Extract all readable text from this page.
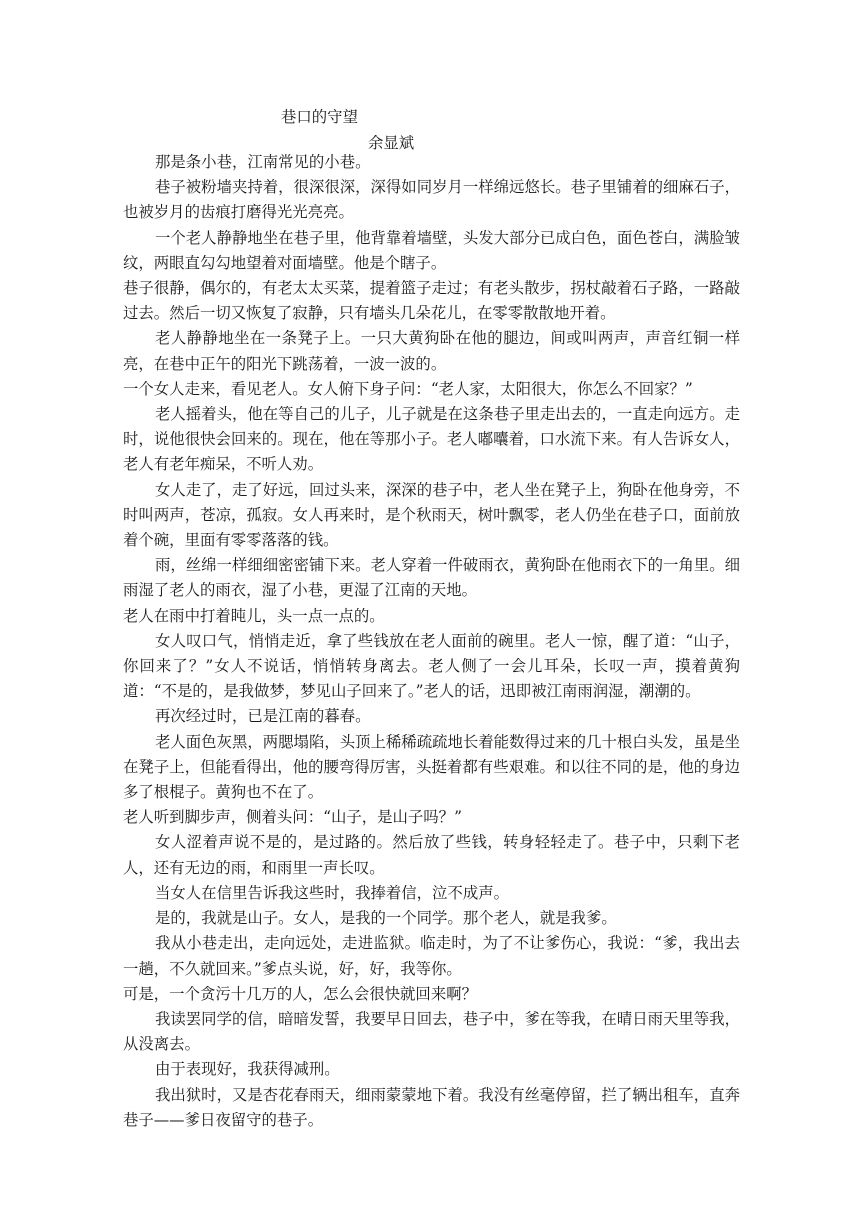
巷口的守望
余显斌

那是条小巷，江南常见的小巷。

巷子被粉墙夹持着，很深很深，深得如同岁月一样绵远悠长。巷子里铺着的细麻石子，也被岁月的齿痕打磨得光光亮亮。

一个老人静静地坐在巷子里，他背靠着墙壁，头发大部分已成白色，面色苍白，满脸皱纹，两眼直勾勾地望着对面墙壁。他是个瞎子。

巷子很静，偶尔的，有老太太买菜，提着篮子走过；有老头散步，拐杖敲着石子路，一路敲过去。然后一切又恢复了寂静，只有墙头几朵花儿，在零零散散地开着。

老人静静地坐在一条凳子上。一只大黄狗卧在他的腿边，间或叫两声，声音红铜一样亮，在巷中正午的阳光下跳荡着，一波一波的。

一个女人走来，看见老人。女人俯下身子问：“老人家，太阳很大，你怎么不回家？”

老人摇着头，他在等自己的儿子，儿子就是在这条巷子里走出去的，一直走向远方。走时，说他很快会回来的。现在，他在等那小子。老人嘟囔着，口水流下来。有人告诉女人，老人有老年痴呆，不听人劝。

女人走了，走了好远，回过头来，深深的巷子中，老人坐在凳子上，狗卧在他身旁，不时叫两声，苍凉，孤寂。女人再来时，是个秋雨天，树叶飘零，老人仍坐在巷子口，面前放着个碗，里面有零零落落的钱。

雨，丝绵一样细细密密铺下来。老人穿着一件破雨衣，黄狗卧在他雨衣下的一角里。细雨湿了老人的雨衣，湿了小巷，更湿了江南的天地。

老人在雨中打着盹儿，头一点一点的。

女人叹口气，悄悄走近，拿了些钱放在老人面前的碗里。老人一惊，醒了道：“山子，你回来了？”女人不说话，悄悄转身离去。老人侧了一会儿耳朵，长叹一声，摸着黄狗道：“不是的，是我做梦，梦见山子回来了。”老人的话，迅即被江南雨润湿，潮潮的。

再次经过时，已是江南的暮春。

老人面色灰黑，两腮塌陷，头顶上稀稀疏疏地长着能数得过来的几十根白头发，虽是坐在凳子上，但能看得出，他的腰弯得厉害，头挺着都有些艰难。和以往不同的是，他的身边多了根棍子。黄狗也不在了。

老人听到脚步声，侧着头问：“山子，是山子吗？”

女人涩着声说不是的，是过路的。然后放了些钱，转身轻轻走了。巷子中，只剩下老人，还有无边的雨，和雨里一声长叹。

当女人在信里告诉我这些时，我捧着信，泣不成声。

是的，我就是山子。女人，是我的一个同学。那个老人，就是我爹。

我从小巷走出，走向远处，走进监狱。临走时，为了不让爹伤心，我说：“爹，我出去一趟，不久就回来。”爹点头说，好，好，我等你。

可是，一个贪污十几万的人，怎么会很快就回来啊？

我读罢同学的信，暗暗发誓，我要早日回去，巷子中，爹在等我，在晴日雨天里等我，从没离去。

由于表现好，我获得减刑。

我出狱时，又是杏花春雨天，细雨蒙蒙地下着。我没有丝毫停留，拦了辆出租车，直奔巷子——爹日夜留守的巷子。
